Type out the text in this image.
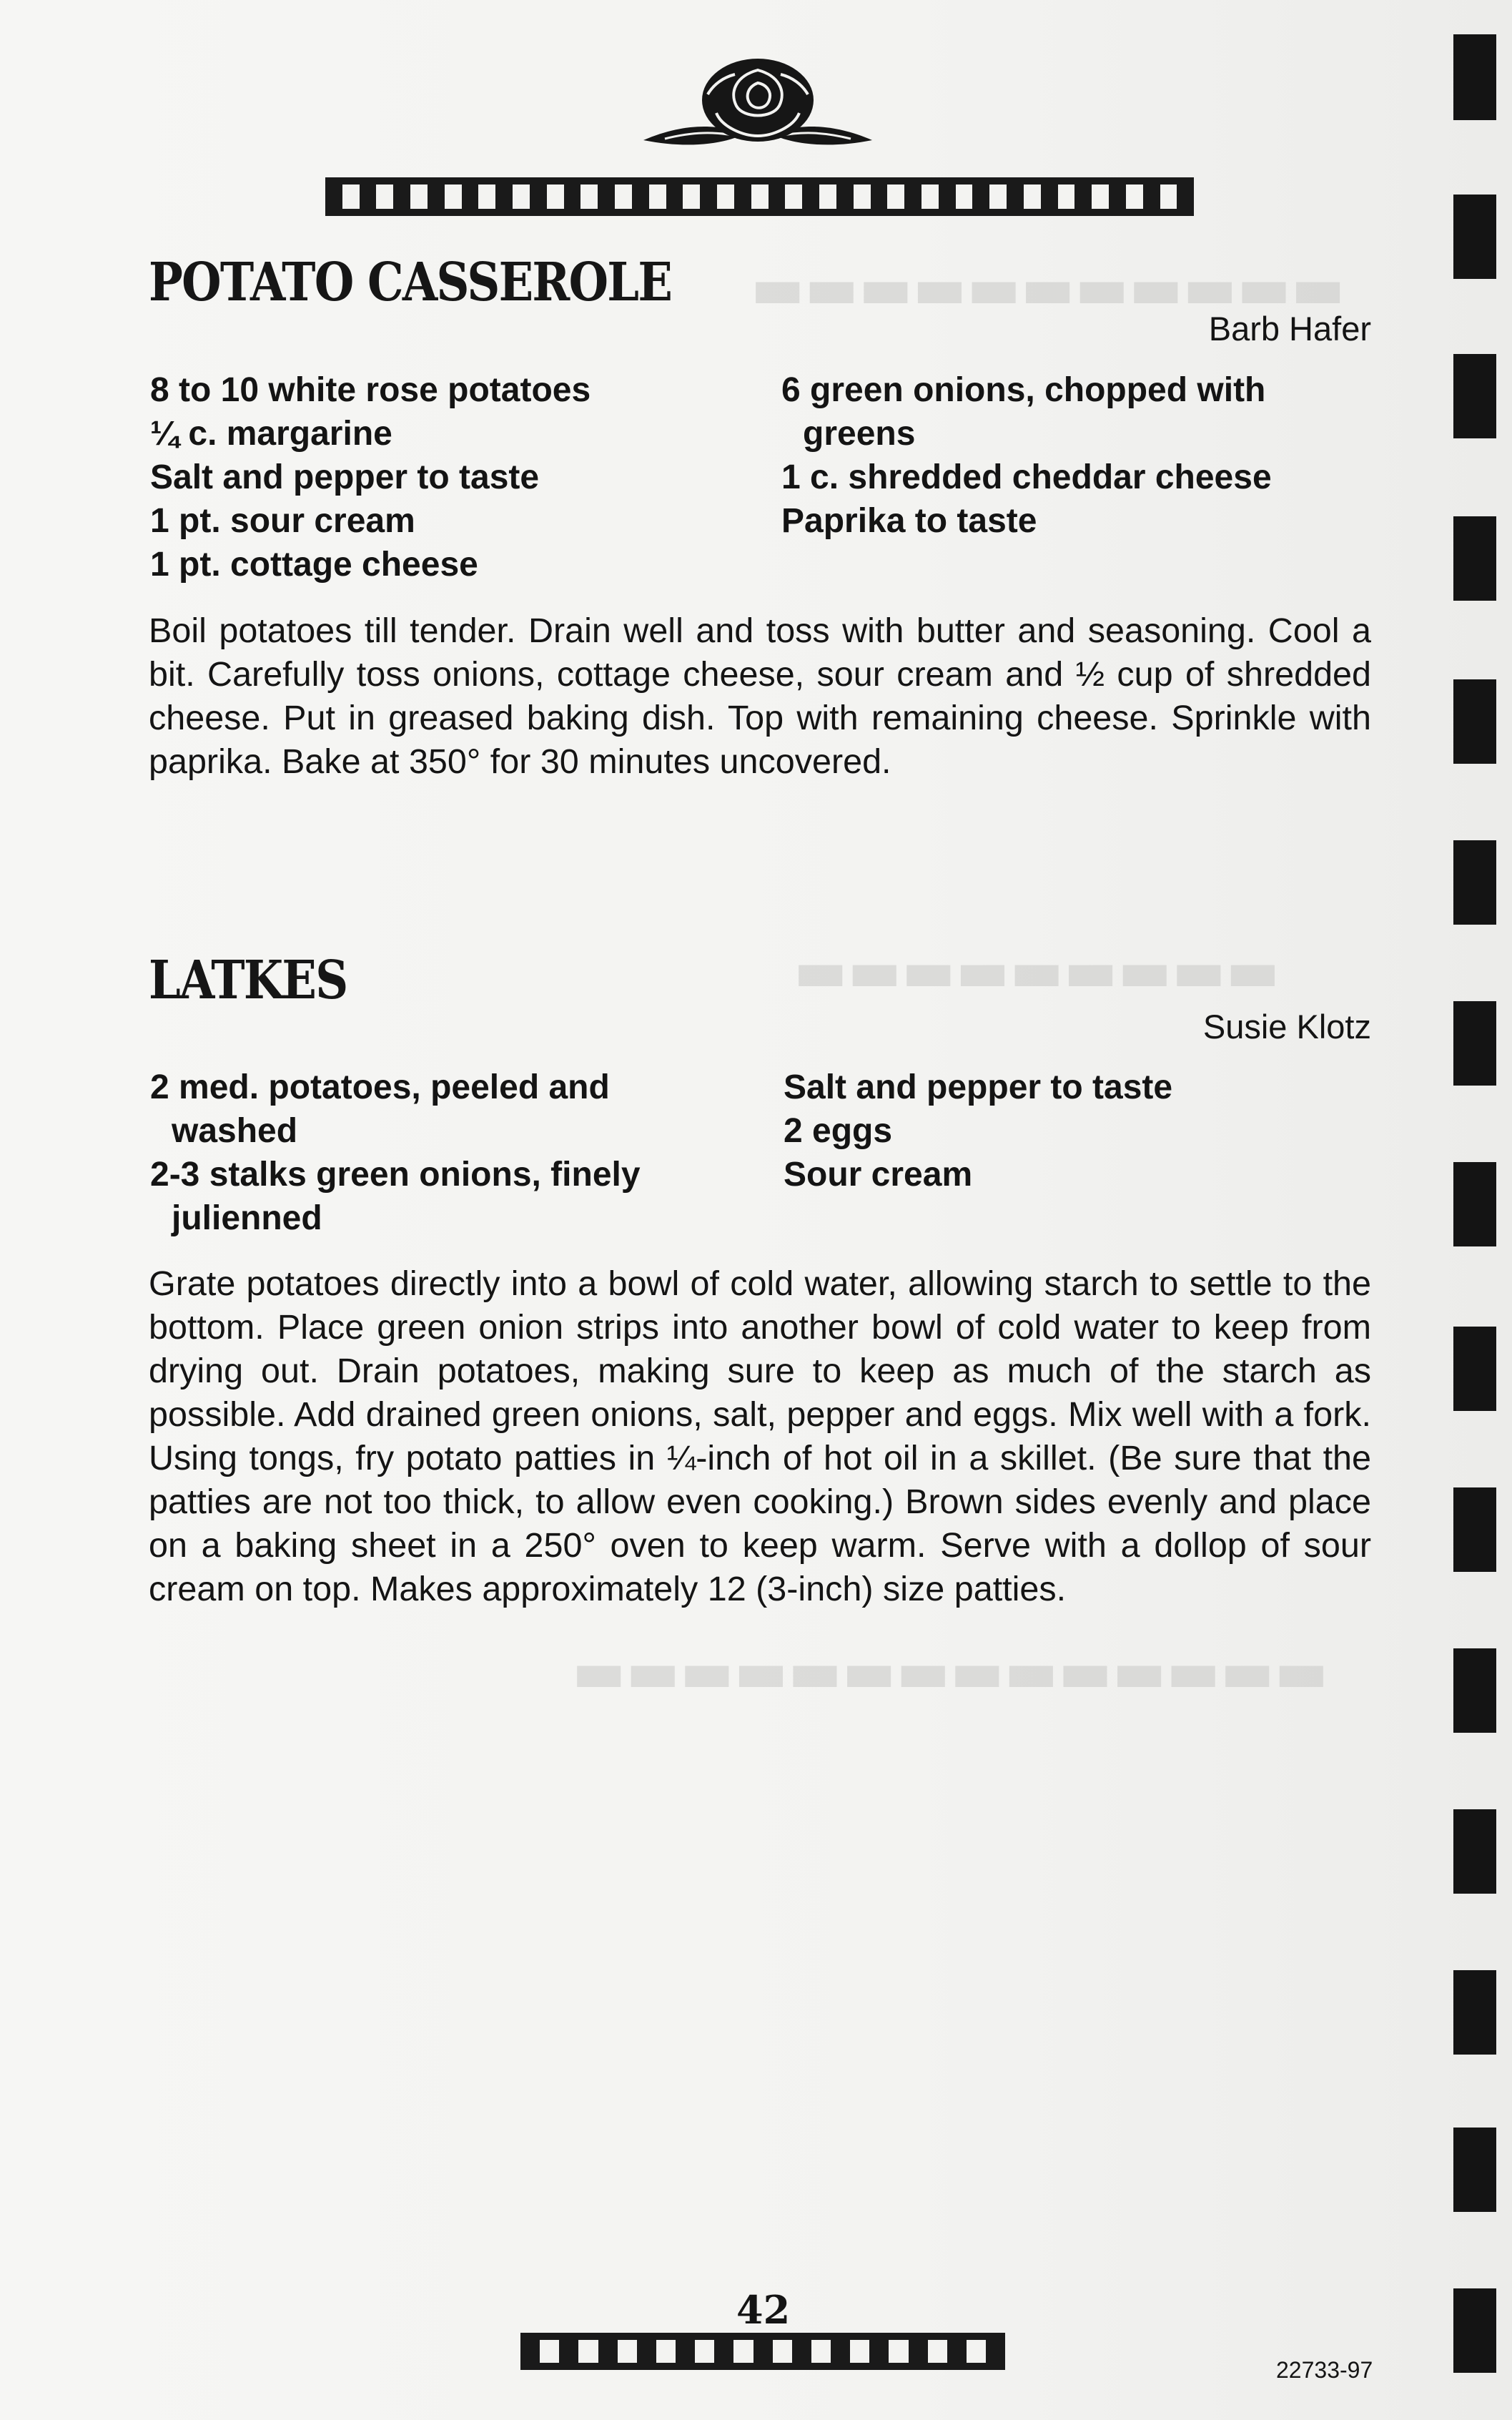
▬▬▬▬▬▬▬▬▬▬▬
▬▬▬▬▬▬▬▬▬
▬▬▬▬▬▬▬▬▬▬▬▬▬▬
POTATO CASSEROLE
Barb Hafer
8 to 10 white rose potatoes
¼ c. margarine
Salt and pepper to taste
1 pt. sour cream
1 pt. cottage cheese
6 green onions, chopped with greens
1 c. shredded cheddar cheese
Paprika to taste

Boil potatoes till tender. Drain well and toss with butter and seasoning. Cool a bit. Carefully toss onions, cottage cheese, sour cream and ½ cup of shredded cheese. Put in greased baking dish. Top with remaining cheese. Sprinkle with paprika. Bake at 350° for 30 minutes uncovered.

LATKES
Susie Klotz
2 med. potatoes, peeled and washed
2-3 stalks green onions, finely julienned
Salt and pepper to taste
2 eggs
Sour cream

Grate potatoes directly into a bowl of cold water, allowing starch to settle to the bottom. Place green onion strips into another bowl of cold water to keep from drying out. Drain potatoes, making sure to keep as much of the starch as possible. Add drained green onions, salt, pepper and eggs. Mix well with a fork. Using tongs, fry potato patties in ¼-inch of hot oil in a skillet. (Be sure that the patties are not too thick, to allow even cooking.) Brown sides evenly and place on a baking sheet in a 250° oven to keep warm. Serve with a dollop of sour cream on top. Makes approximately 12 (3-inch) size patties.

42
22733-97
